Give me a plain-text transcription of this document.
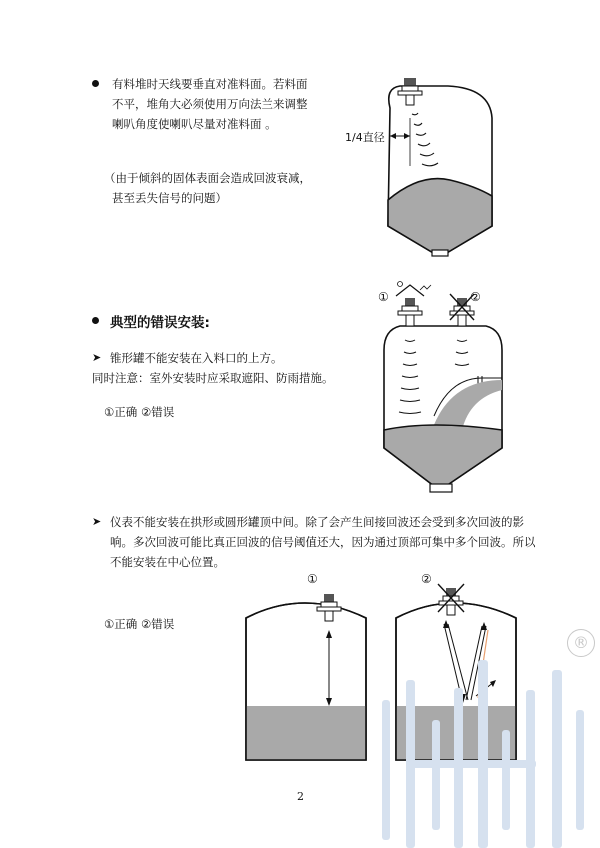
有料堆时天线要垂直对准料面。若料面
不平，堆角大必须使用万向法兰来调整
喇叭角度使喇叭尽量对准料面 。
（由于倾斜的固体表面会造成回波衰减，
甚至丢失信号的问题）
1/4直径
典型的错误安装:
➤ 锥形罐不能安装在入料口的上方。
同时注意：室外安装时应采取遮阳、防雨措施。
①正确 ②错误
①	②
➤ 仪表不能安装在拱形或圆形罐顶中间。除了会产生间接回波还会受到多次回波的影
响。多次回波可能比真正回波的信号阈值还大，因为通过顶部可集中多个回波。所以
不能安装在中心位置。
①正确 ②错误
①	②
2
®
